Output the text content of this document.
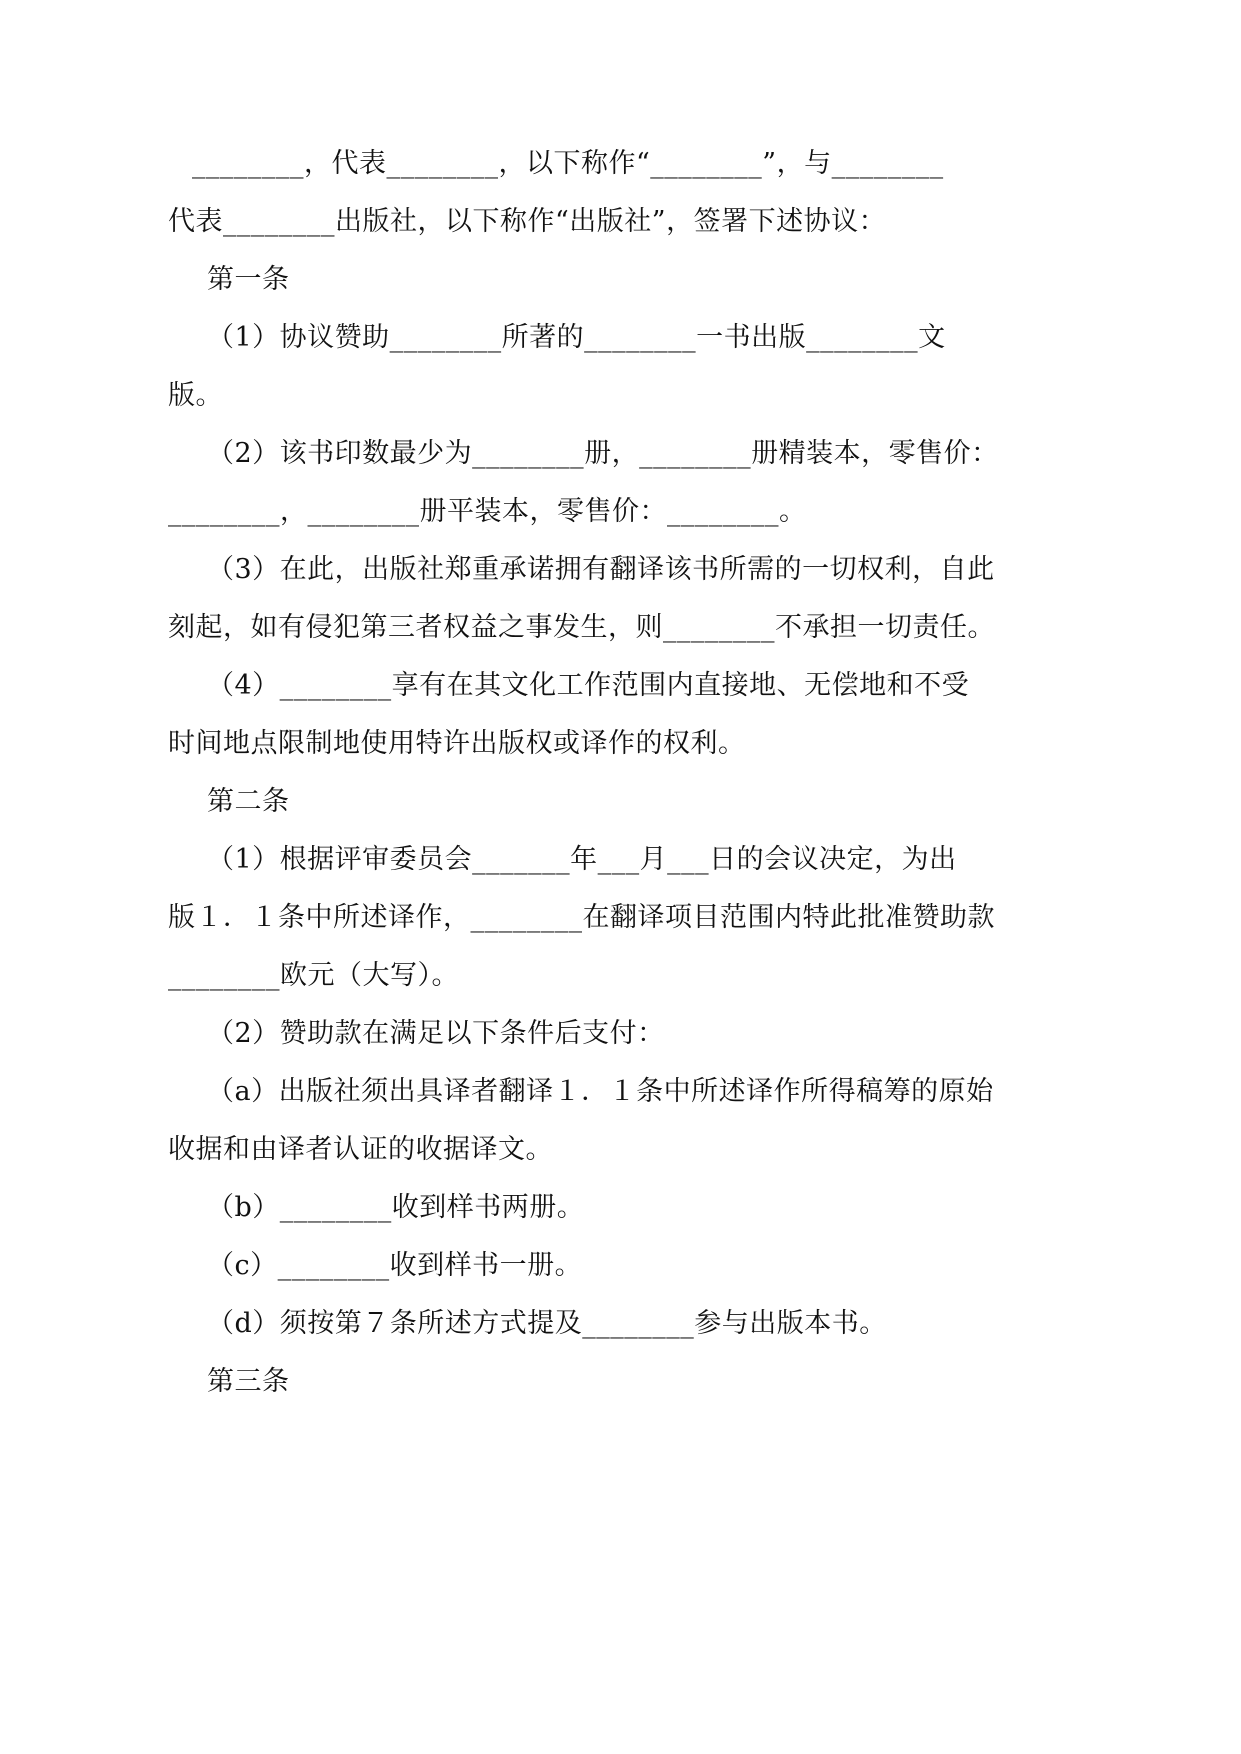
________，代表________，以下称作“________”，与________
代表________出版社，以下称作“出版社”，签署下述协议：
第一条
（1）协议赞助________所著的________一书出版________文
版。
（2）该书印数最少为________册，________册精装本，零售价：
________，________册平装本，零售价：________。
（3）在此，出版社郑重承诺拥有翻译该书所需的一切权利，自此
刻起，如有侵犯第三者权益之事发生，则________不承担一切责任。
（4）________享有在其文化工作范围内直接地、无偿地和不受
时间地点限制地使用特许出版权或译作的权利。
第二条
（1）根据评审委员会_______年___月___日的会议决定，为出
版１．１条中所述译作，________在翻译项目范围内特此批准赞助款
________欧元（大写）。
（2）赞助款在满足以下条件后支付：
（a）出版社须出具译者翻译１．１条中所述译作所得稿筹的原始
收据和由译者认证的收据译文。
（b）________收到样书两册。
（c）________收到样书一册。
（d）须按第７条所述方式提及________参与出版本书。
第三条
